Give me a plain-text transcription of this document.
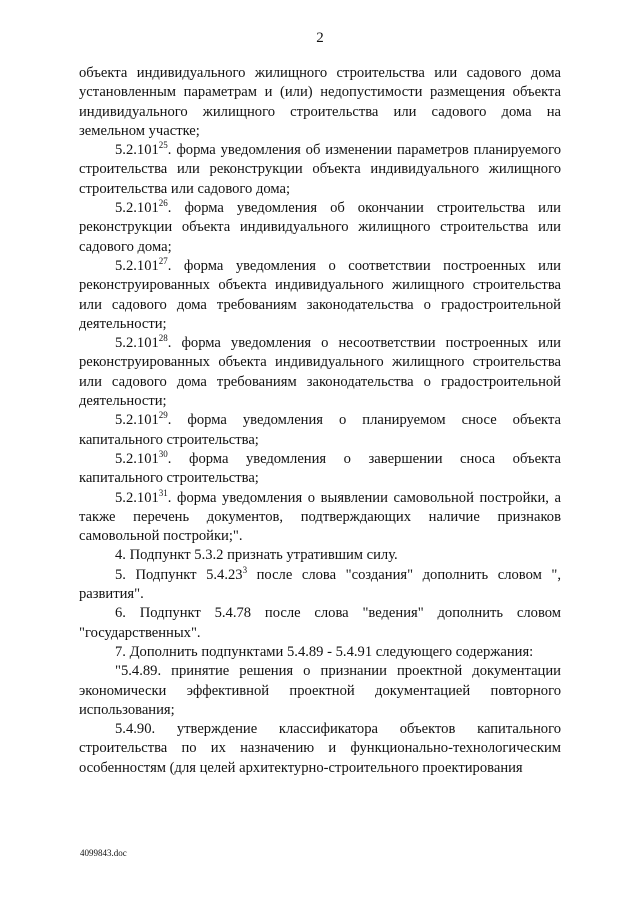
2

объекта индивидуального жилищного строительства или садового дома установленным параметрам и (или) недопустимости размещения объекта индивидуального жилищного строительства или садового дома на земельном участке;

5.2.101$^{25}$. форма уведомления об изменении параметров планируемого строительства или реконструкции объекта индивидуального жилищного строительства или садового дома;

5.2.101$^{26}$. форма уведомления об окончании строительства или реконструкции объекта индивидуального жилищного строительства или садового дома;

5.2.101$^{27}$. форма уведомления о соответствии построенных или реконструированных объекта индивидуального жилищного строительства или садового дома требованиям законодательства о градостроительной деятельности;

5.2.101$^{28}$. форма уведомления о несоответствии построенных или реконструированных объекта индивидуального жилищного строительства или садового дома требованиям законодательства о градостроительной деятельности;

5.2.101$^{29}$. форма уведомления о планируемом сносе объекта капитального строительства;

5.2.101$^{30}$. форма уведомления о завершении сноса объекта капитального строительства;

5.2.101$^{31}$. форма уведомления о выявлении самовольной постройки, а также перечень документов, подтверждающих наличие признаков самовольной постройки;".

4. Подпункт 5.3.2 признать утратившим силу.

5. Подпункт 5.4.23$^3$ после слова "создания" дополнить словом ", развития".

6. Подпункт 5.4.78 после слова "ведения" дополнить словом "государственных".

7. Дополнить подпунктами 5.4.89 - 5.4.91 следующего содержания:

"5.4.89. принятие решения о признании проектной документации экономически эффективной проектной документацией повторного использования;

5.4.90. утверждение классификатора объектов капитального строительства по их назначению и функционально-технологическим особенностям (для целей архитектурно-строительного проектирования

4099843.doc
